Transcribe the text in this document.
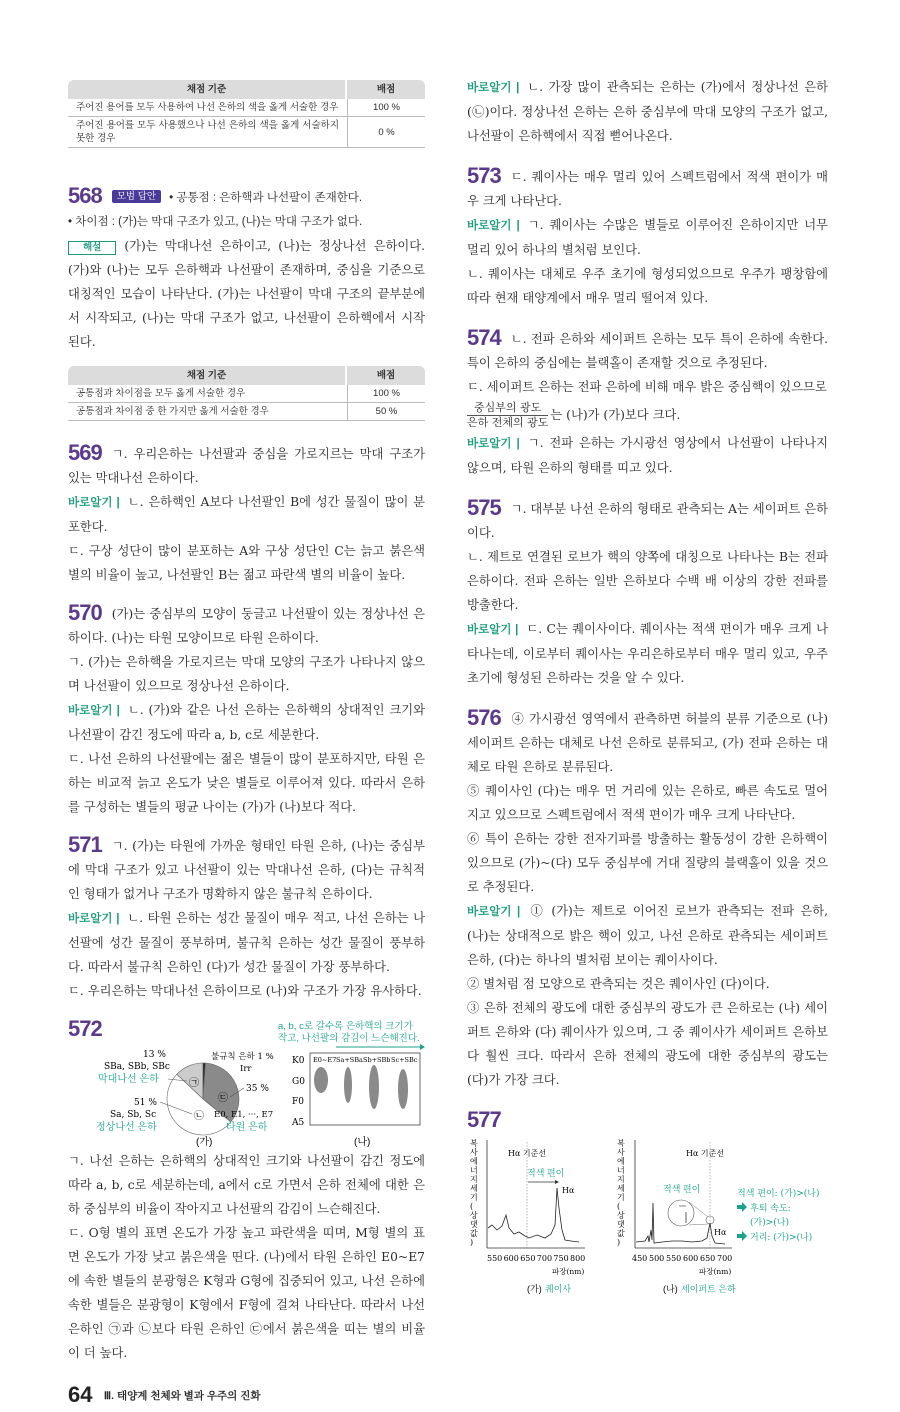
채점 기준	배점
주어진 용어를 모두 사용하여 나선 은하의 색을 옳게 서술한 경우	100 %
주어진 용어를 모두 사용했으나 나선 은하의 색을 옳게 서술하지 못한 경우	0 %

568 모범 답안 • 공통점 : 은하핵과 나선팔이 존재한다.

• 차이점 : (가)는 막대 구조가 있고, (나)는 막대 구조가 없다.

해설 (가)는 막대나선 은하이고, (나)는 정상나선 은하이다. (가)와 (나)는 모두 은하핵과 나선팔이 존재하며, 중심을 기준으로 대칭적인 모습이 나타난다. (가)는 나선팔이 막대 구조의 끝부분에서 시작되고, (나)는 막대 구조가 없고, 나선팔이 은하핵에서 시작된다.

채점 기준	배점
공통점과 차이점을 모두 옳게 서술한 경우	100 %
공통점과 차이점 중 한 가지만 옳게 서술한 경우	50 %

569 ㄱ. 우리은하는 나선팔과 중심을 가로지르는 막대 구조가 있는 막대나선 은하이다.

바로알기 | ㄴ. 은하핵인 A보다 나선팔인 B에 성간 물질이 많이 분포한다.

ㄷ. 구상 성단이 많이 분포하는 A와 구상 성단인 C는 늙고 붉은색 별의 비율이 높고, 나선팔인 B는 젊고 파란색 별의 비율이 높다.

570 (가)는 중심부의 모양이 둥글고 나선팔이 있는 정상나선 은하이다. (나)는 타원 모양이므로 타원 은하이다.

ㄱ. (가)는 은하핵을 가로지르는 막대 모양의 구조가 나타나지 않으며 나선팔이 있으므로 정상나선 은하이다.

바로알기 | ㄴ. (가)와 같은 나선 은하는 은하핵의 상대적인 크기와 나선팔이 감긴 정도에 따라 a, b, c로 세분한다.

ㄷ. 나선 은하의 나선팔에는 젊은 별들이 많이 분포하지만, 타원 은하는 비교적 늙고 온도가 낮은 별들로 이루어져 있다. 따라서 은하를 구성하는 별들의 평균 나이는 (가)가 (나)보다 적다.

571 ㄱ. (가)는 타원에 가까운 형태인 타원 은하, (나)는 중심부에 막대 구조가 있고 나선팔이 있는 막대나선 은하, (다)는 규칙적인 형태가 없거나 구조가 명확하지 않은 불규칙 은하이다.

바로알기 | ㄴ. 타원 은하는 성간 물질이 매우 적고, 나선 은하는 나선팔에 성간 물질이 풍부하며, 불규칙 은하는 성간 물질이 풍부하다. 따라서 불규칙 은하인 (다)가 성간 물질이 가장 풍부하다.

ㄷ. 우리은하는 막대나선 은하이므로 (나)와 구조가 가장 유사하다.

572
13 %
SBa, SBb, SBc
막대나선 은하
불규칙 은하 1 %
Irr
35 %
E0, E1, ···, E7
타원 은하
51 %
Sa, Sb, Sc
정상나선 은하
㉠
㉢
㉡
(가)
a, b, c로 갈수록 은하핵의 크기가
작고, 나선팔의 감김이 느슨해진다.
E0~E7 Sa+SBa Sb+SBb Sc+SBc
K0
G0
F0
A5
(나)

ㄱ. 나선 은하는 은하핵의 상대적인 크기와 나선팔이 감긴 정도에 따라 a, b, c로 세분하는데, a에서 c로 가면서 은하 전체에 대한 은하 중심부의 비율이 작아지고 나선팔의 감김이 느슨해진다.

ㄷ. O형 별의 표면 온도가 가장 높고 파란색을 띠며, M형 별의 표면 온도가 가장 낮고 붉은색을 띤다. (나)에서 타원 은하인 E0~E7에 속한 별들의 분광형은 K형과 G형에 집중되어 있고, 나선 은하에 속한 별들은 분광형이 K형에서 F형에 걸쳐 나타난다. 따라서 나선 은하인 ㉠과 ㉡보다 타원 은하인 ㉢에서 붉은색을 띠는 별의 비율이 더 높다.

64 Ⅲ. 태양계 천체와 별과 우주의 진화

바로알기 | ㄴ. 가장 많이 관측되는 은하는 (가)에서 정상나선 은하(㉡)이다. 정상나선 은하는 은하 중심부에 막대 모양의 구조가 없고, 나선팔이 은하핵에서 직접 뻗어나온다.

573 ㄷ. 퀘이사는 매우 멀리 있어 스펙트럼에서 적색 편이가 매우 크게 나타난다.

바로알기 | ㄱ. 퀘이사는 수많은 별들로 이루어진 은하이지만 너무 멀리 있어 하나의 별처럼 보인다.

ㄴ. 퀘이사는 대체로 우주 초기에 형성되었으므로 우주가 팽창함에 따라 현재 태양계에서 매우 멀리 떨어져 있다.

574 ㄴ. 전파 은하와 세이퍼트 은하는 모두 특이 은하에 속한다. 특이 은하의 중심에는 블랙홀이 존재할 것으로 추정된다.

ㄷ. 세이퍼트 은하는 전파 은하에 비해 매우 밝은 중심핵이 있으므로

$\frac{\text{중심부의 광도}}{\text{은하 전체의 광도}}$ 는 (나)가 (가)보다 크다.

바로알기 | ㄱ. 전파 은하는 가시광선 영상에서 나선팔이 나타나지 않으며, 타원 은하의 형태를 띠고 있다.

575 ㄱ. 대부분 나선 은하의 형태로 관측되는 A는 세이퍼트 은하이다.

ㄴ. 제트로 연결된 로브가 핵의 양쪽에 대칭으로 나타나는 B는 전파 은하이다. 전파 은하는 일반 은하보다 수백 배 이상의 강한 전파를 방출한다.

바로알기 | ㄷ. C는 퀘이사이다. 퀘이사는 적색 편이가 매우 크게 나타나는데, 이로부터 퀘이사는 우리은하로부터 매우 멀리 있고, 우주 초기에 형성된 은하라는 것을 알 수 있다.

576 ④ 가시광선 영역에서 관측하면 허블의 분류 기준으로 (나) 세이퍼트 은하는 대체로 나선 은하로 분류되고, (가) 전파 은하는 대체로 타원 은하로 분류된다.

⑤ 퀘이사인 (다)는 매우 먼 거리에 있는 은하로, 빠른 속도로 멀어지고 있으므로 스펙트럼에서 적색 편이가 매우 크게 나타난다.

⑥ 특이 은하는 강한 전자기파를 방출하는 활동성이 강한 은하핵이 있으므로 (가)~(다) 모두 중심부에 거대 질량의 블랙홀이 있을 것으로 추정된다.

바로알기 | ① (가)는 제트로 이어진 로브가 관측되는 전파 은하, (나)는 상대적으로 밝은 핵이 있고, 나선 은하로 관측되는 세이퍼트 은하, (다)는 하나의 별처럼 보이는 퀘이사이다.

② 별처럼 점 모양으로 관측되는 것은 퀘이사인 (다)이다.

③ 은하 전체의 광도에 대한 중심부의 광도가 큰 은하로는 (나) 세이퍼트 은하와 (다) 퀘이사가 있으며, 그 중 퀘이사가 세이퍼트 은하보다 훨씬 크다. 따라서 은하 전체의 광도에 대한 중심부의 광도는 (다)가 가장 크다.

577
복 사 에 너 지 세 기 ( 상 댓 값 )
Hα 기준선
적색 편이
Hα
550 600 650 700 750 800
파장(nm)
(가) 퀘이사
복 사 에 너 지 세 기 ( 상 댓 값 )
Hα 기준선
적색 편이
Hα
450 500 550 600 650 700
파장(nm)
(나) 세이퍼트 은하
적색 편이: (가)>(나)
후퇴 속도:
(가)>(나)
거리: (가)>(나)
